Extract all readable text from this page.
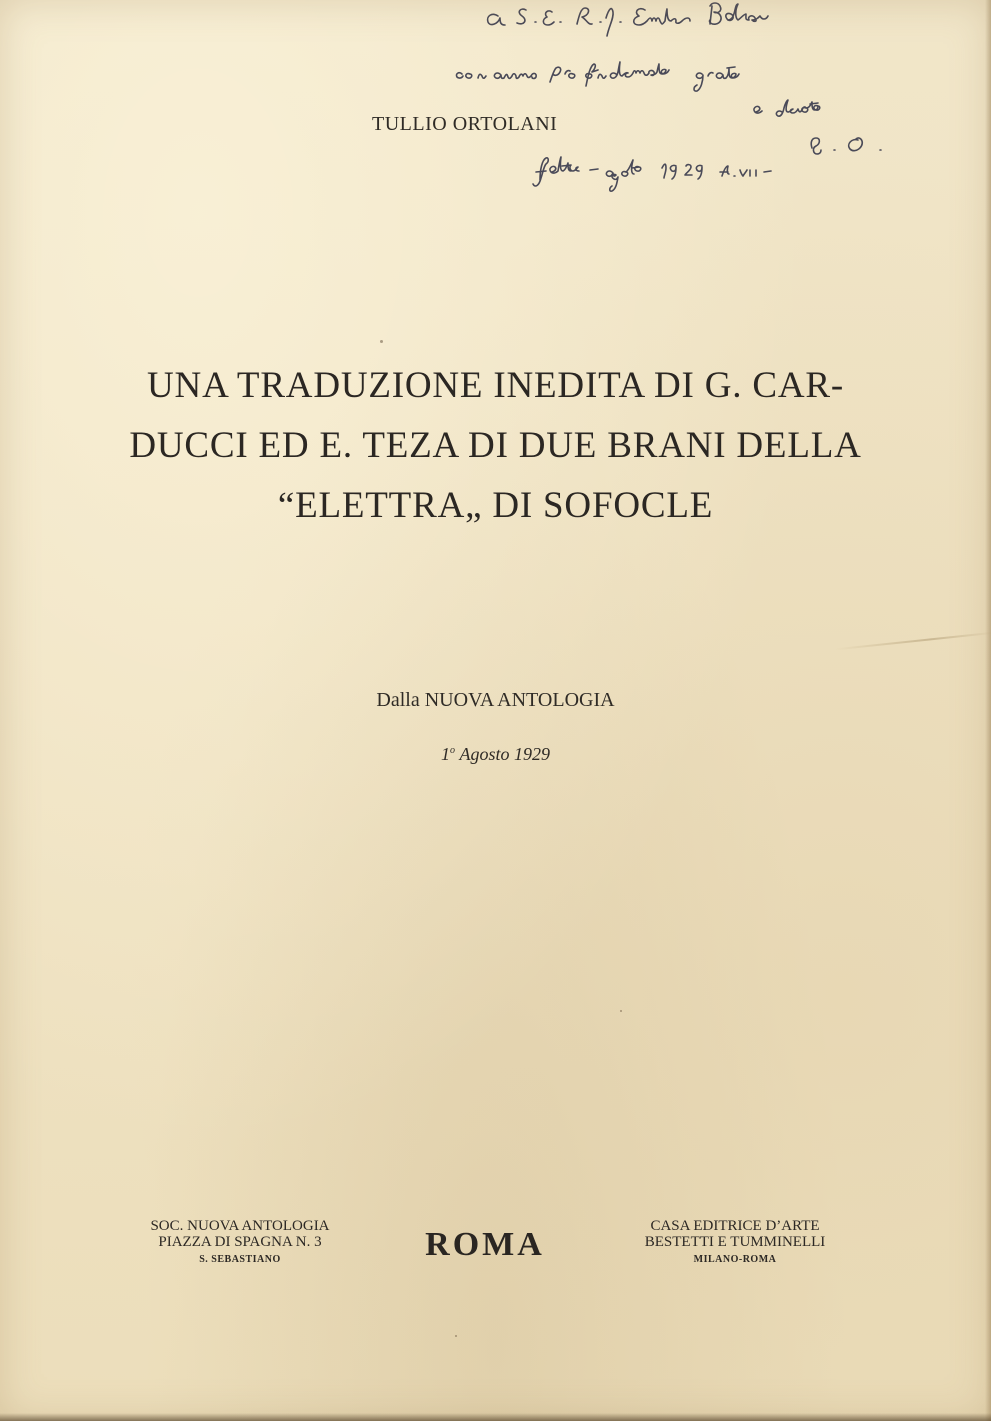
TULLIO ORTOLANI
UNA TRADUZIONE INEDITA DI G. CAR-
DUCCI ED E. TEZA DI DUE BRANI DELLA
“ELETTRA„ DI SOFOCLE
Dalla NUOVA ANTOLOGIA
1$^o$ Agosto 1929
SOC. NUOVA ANTOLOGIA
PIAZZA DI SPAGNA N. 3
S. SEBASTIANO	ROMA	CASA EDITRICE D’ARTE
BESTETTI E TUMMINELLI
MILANO-ROMA
